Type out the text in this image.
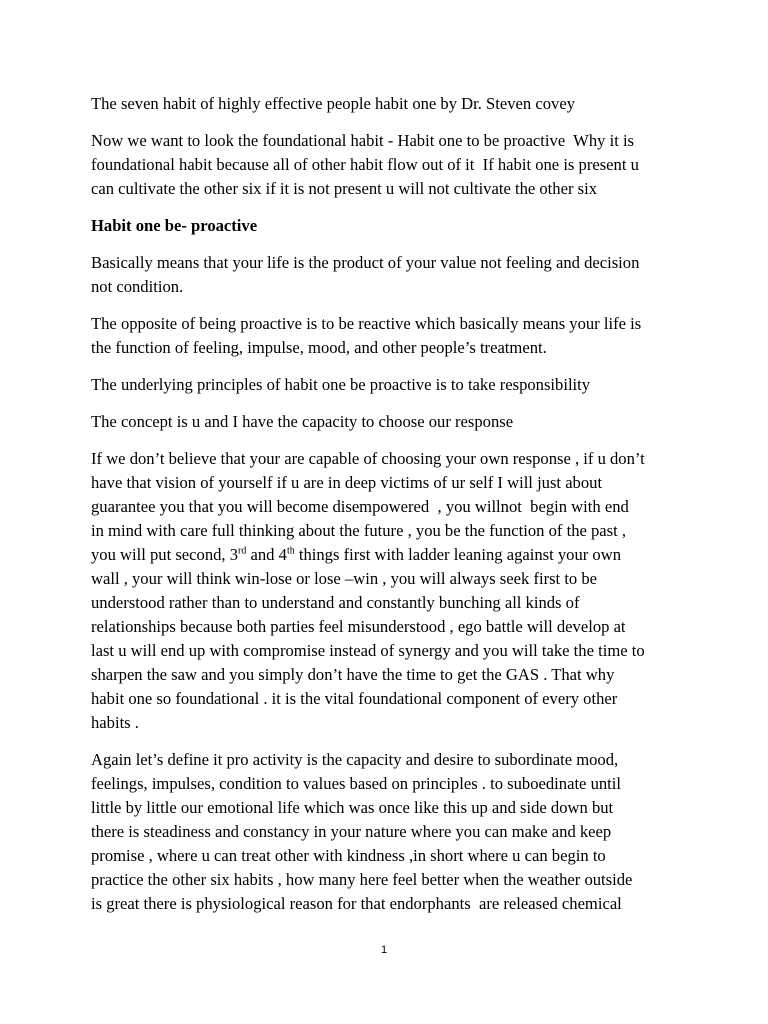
The seven habit of highly effective people habit one by Dr. Steven covey
Now we want to look the foundational habit - Habit one to be proactive  Why it is
foundational habit because all of other habit flow out of it  If habit one is present u
can cultivate the other six if it is not present u will not cultivate the other six
Habit one be- proactive
Basically means that your life is the product of your value not feeling and decision
not condition.
The opposite of being proactive is to be reactive which basically means your life is
the function of feeling, impulse, mood, and other people’s treatment.
The underlying principles of habit one be proactive is to take responsibility
The concept is u and I have the capacity to choose our response
If we don’t believe that your are capable of choosing your own response , if u don’t
have that vision of yourself if u are in deep victims of ur self I will just about
guarantee you that you will become disempowered  , you willnot  begin with end
in mind with care full thinking about the future , you be the function of the past ,
you will put second, 3rd and 4th things first with ladder leaning against your own
wall , your will think win-lose or lose –win , you will always seek first to be
understood rather than to understand and constantly bunching all kinds of
relationships because both parties feel misunderstood , ego battle will develop at
last u will end up with compromise instead of synergy and you will take the time to
sharpen the saw and you simply don’t have the time to get the GAS . That why
habit one so foundational . it is the vital foundational component of every other
habits .
Again let’s define it pro activity is the capacity and desire to subordinate mood,
feelings, impulses, condition to values based on principles . to suboedinate until
little by little our emotional life which was once like this up and side down but
there is steadiness and constancy in your nature where you can make and keep
promise , where u can treat other with kindness ,in short where u can begin to
practice the other six habits , how many here feel better when the weather outside
is great there is physiological reason for that endorphants  are released chemical
1
